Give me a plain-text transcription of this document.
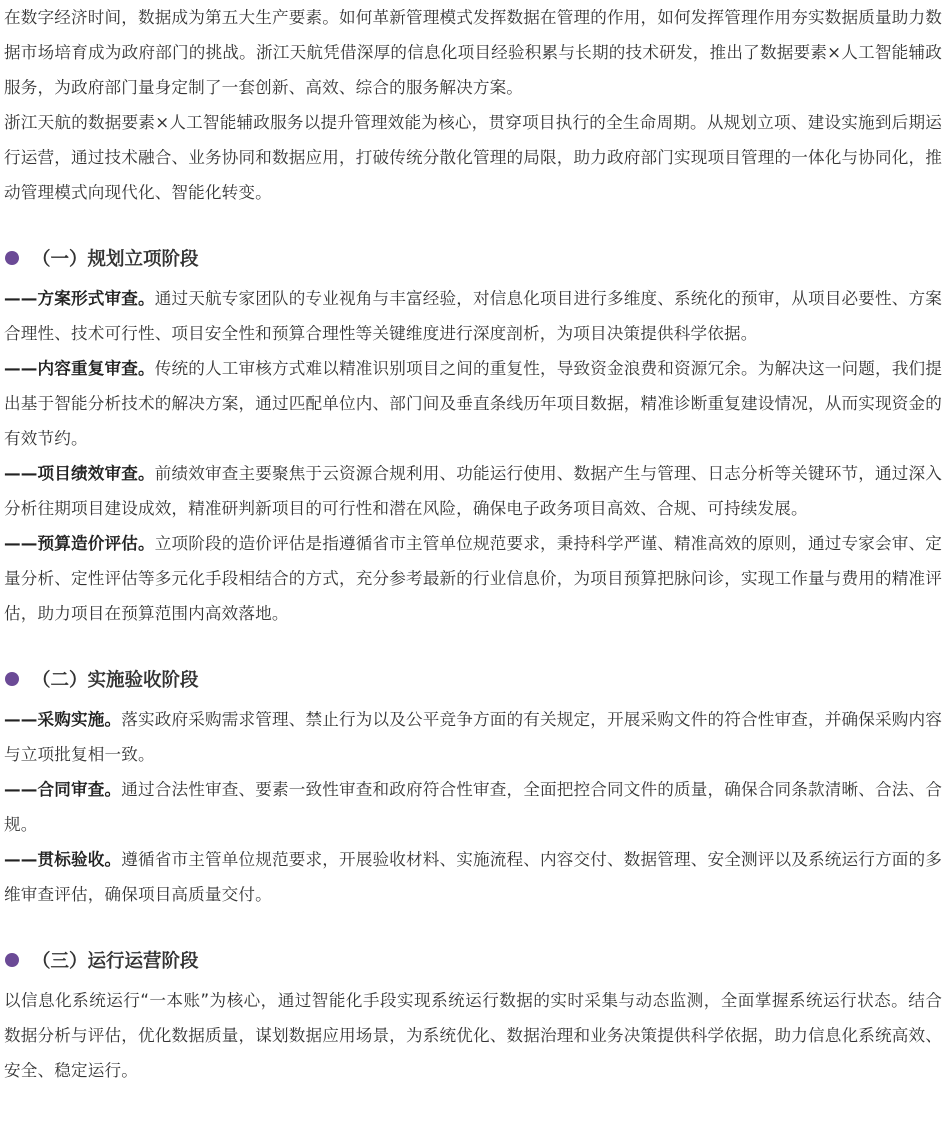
在数字经济时间，数据成为第五大生产要素。如何革新管理模式发挥数据在管理的作用，如何发挥管理作用夯实数据质量助力数据市场培育成为政府部门的挑战。浙江天航凭借深厚的信息化项目经验积累与长期的技术研发，推出了数据要素×人工智能辅政服务，为政府部门量身定制了一套创新、高效、综合的服务解决方案。

浙江天航的数据要素×人工智能辅政服务以提升管理效能为核心，贯穿项目执行的全生命周期。从规划立项、建设实施到后期运行运营，通过技术融合、业务协同和数据应用，打破传统分散化管理的局限，助力政府部门实现项目管理的一体化与协同化，推动管理模式向现代化、智能化转变。

（一）规划立项阶段

——方案形式审查。通过天航专家团队的专业视角与丰富经验，对信息化项目进行多维度、系统化的预审，从项目必要性、方案合理性、技术可行性、项目安全性和预算合理性等关键维度进行深度剖析，为项目决策提供科学依据。

——内容重复审查。传统的人工审核方式难以精准识别项目之间的重复性，导致资金浪费和资源冗余。为解决这一问题，我们提出基于智能分析技术的解决方案，通过匹配单位内、部门间及垂直条线历年项目数据，精准诊断重复建设情况，从而实现资金的有效节约。

——项目绩效审查。前绩效审查主要聚焦于云资源合规利用、功能运行使用、数据产生与管理、日志分析等关键环节，通过深入分析往期项目建设成效，精准研判新项目的可行性和潜在风险，确保电子政务项目高效、合规、可持续发展。

——预算造价评估。立项阶段的造价评估是指遵循省市主管单位规范要求，秉持科学严谨、精准高效的原则，通过专家会审、定量分析、定性评估等多元化手段相结合的方式，充分参考最新的行业信息价，为项目预算把脉问诊，实现工作量与费用的精准评估，助力项目在预算范围内高效落地。

（二）实施验收阶段

——采购实施。落实政府采购需求管理、禁止行为以及公平竞争方面的有关规定，开展采购文件的符合性审查，并确保采购内容与立项批复相一致。

——合同审查。通过合法性审查、要素一致性审查和政府符合性审查，全面把控合同文件的质量，确保合同条款清晰、合法、合规。

——贯标验收。遵循省市主管单位规范要求，开展验收材料、实施流程、内容交付、数据管理、安全测评以及系统运行方面的多维审查评估，确保项目高质量交付。

（三）运行运营阶段

以信息化系统运行“一本账”为核心，通过智能化手段实现系统运行数据的实时采集与动态监测，全面掌握系统运行状态。结合数据分析与评估，优化数据质量，谋划数据应用场景，为系统优化、数据治理和业务决策提供科学依据，助力信息化系统高效、安全、稳定运行。
